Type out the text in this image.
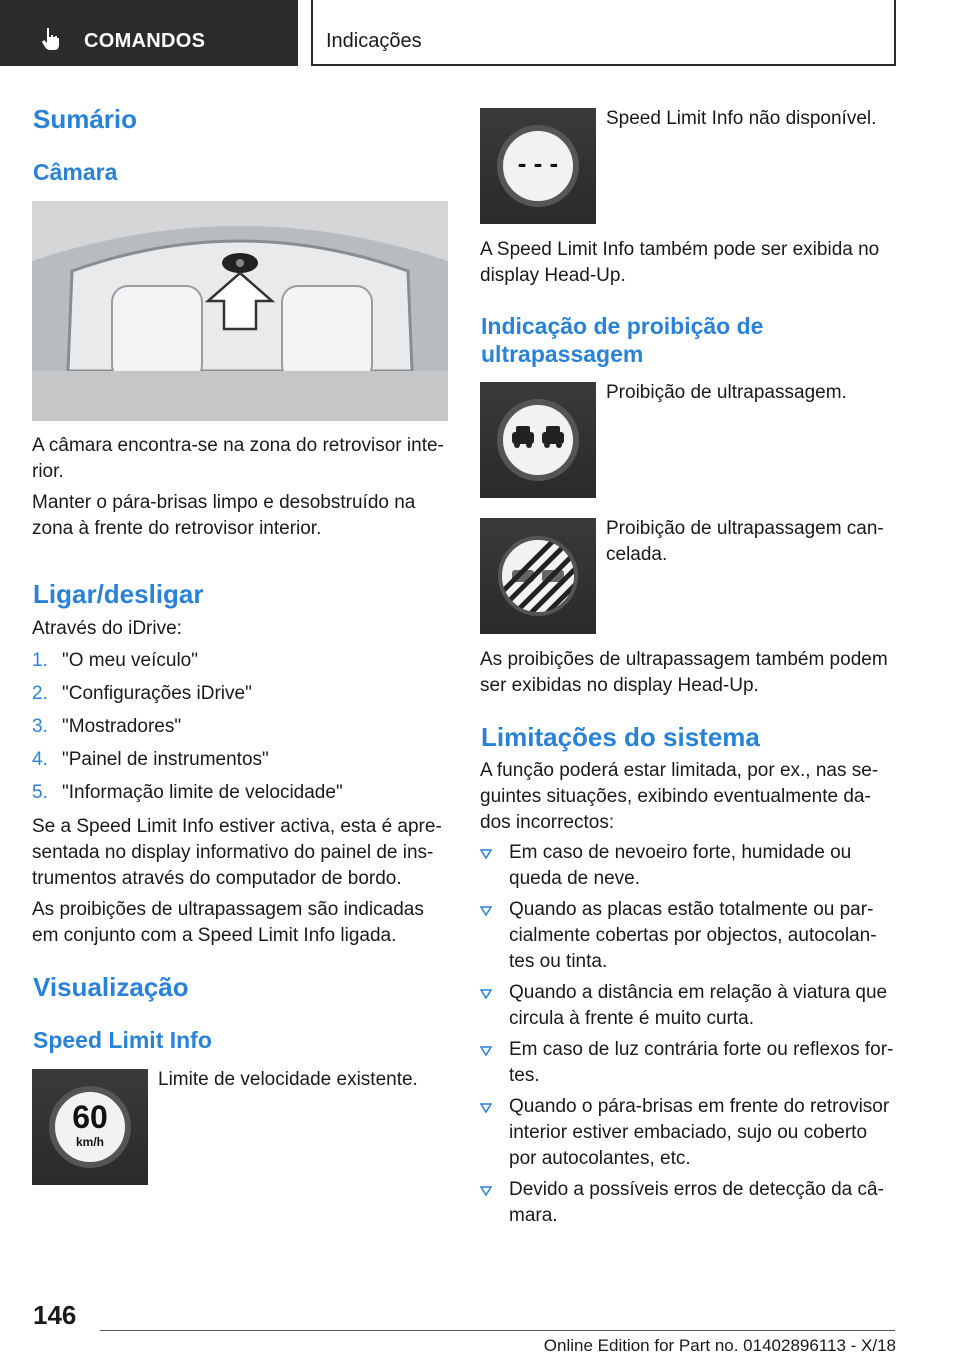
COMANDOS	Indicações
Sumário
Câmara
A câmara encontra-se na zona do retrovisor inte-rior.
Manter o pára-brisas limpo e desobstruído na zona à frente do retrovisor interior.
Ligar/desligar
Através do iDrive:
1. "O meu veículo"
2. "Configurações iDrive"
3. "Mostradores"
4. "Painel de instrumentos"
5. "Informação limite de velocidade"
Se a Speed Limit Info estiver activa, esta é apre-sentada no display informativo do painel de ins-trumentos através do computador de bordo.
As proibições de ultrapassagem são indicadas em conjunto com a Speed Limit Info ligada.
Visualização
Speed Limit Info
60
km/h
Limite de velocidade existente.
- - -
Speed Limit Info não disponível.
A Speed Limit Info também pode ser exibida no display Head-Up.
Indicação de proibição de ultrapassagem
Proibição de ultrapassagem.
Proibição de ultrapassagem can-celada.
As proibições de ultrapassagem também podem ser exibidas no display Head-Up.
Limitações do sistema
A função poderá estar limitada, por ex., nas se-guintes situações, exibindo eventualmente da-dos incorrectos:
Em caso de nevoeiro forte, humidade ou queda de neve.
Quando as placas estão totalmente ou par-cialmente cobertas por objectos, autocolan-tes ou tinta.
Quando a distância em relação à viatura que circula à frente é muito curta.
Em caso de luz contrária forte ou reflexos for-tes.
Quando o pára-brisas em frente do retrovisor interior estiver embaciado, sujo ou coberto por autocolantes, etc.
Devido a possíveis erros de detecção da câ-mara.
146
Online Edition for Part no. 01402896113 - X/18
